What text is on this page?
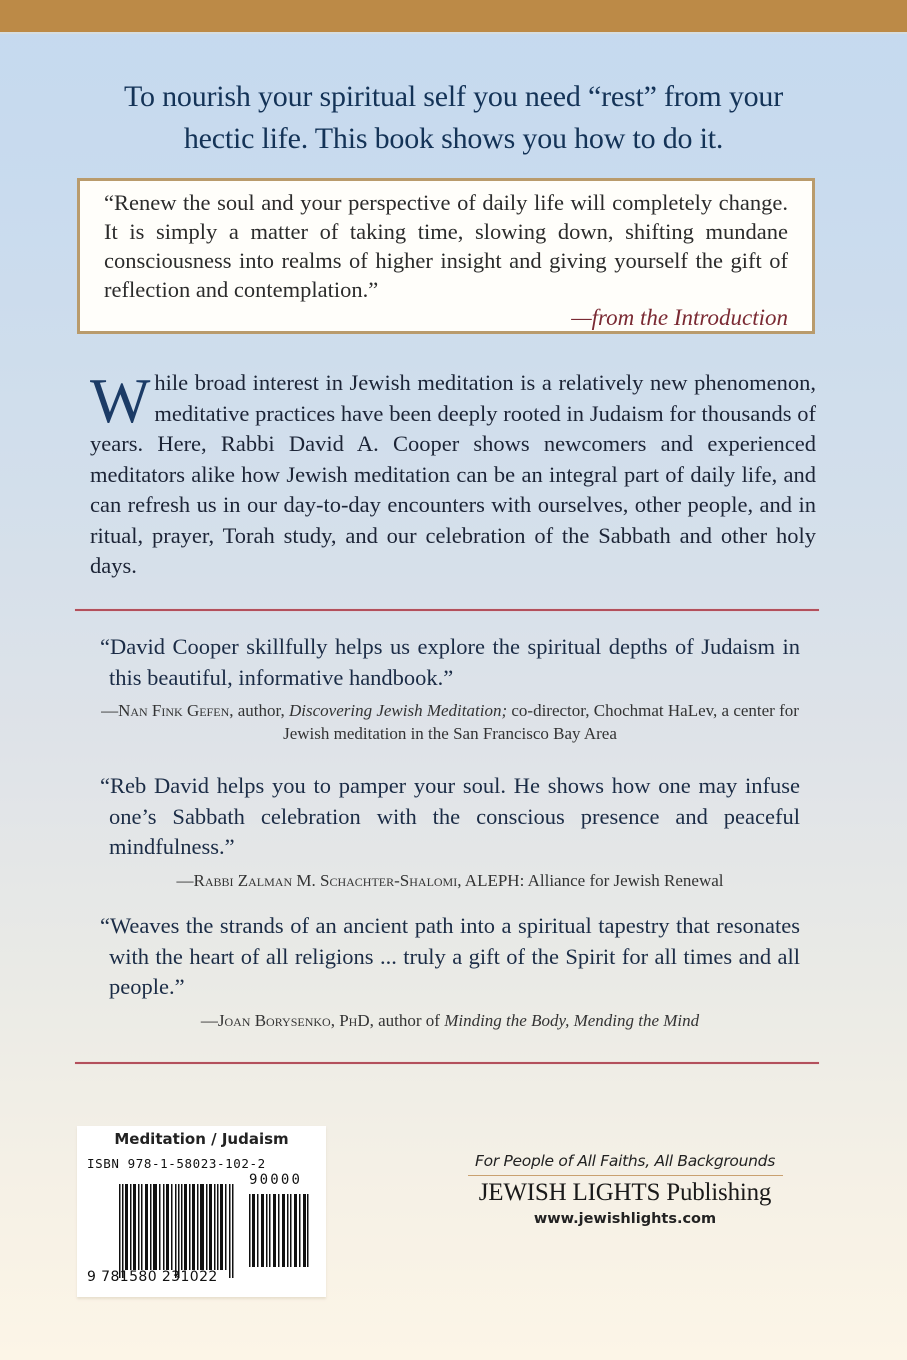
To nourish your spiritual self you need “rest” from your
hectic life. This book shows you how to do it.

“Renew the soul and your perspective of daily life will completely change. It is simply a matter of taking time, slowing down, shifting mundane consciousness into realms of higher insight and giving yourself the gift of reflection and contemplation.”

—from the Introduction
While broad interest in Jewish meditation is a relatively new phenomenon, meditative practices have been deeply rooted in Judaism for thousands of years. Here, Rabbi David A. Cooper shows newcomers and experienced meditators alike how Jewish meditation can be an integral part of daily life, and can refresh us in our day-to-day encounters with ourselves, other people, and in ritual, prayer, Torah study, and our celebration of the Sabbath and other holy days.

“David Cooper skillfully helps us explore the spiritual depths of Judaism in this beautiful, informative handbook.”

—Nan Fink Gefen, author, Discovering Jewish Meditation; co-director, Chochmat HaLev, a center for Jewish meditation in the San Francisco Bay Area

“Reb David helps you to pamper your soul. He shows how one may infuse one’s Sabbath celebration with the conscious presence and peaceful mindfulness.”

—Rabbi Zalman M. Schachter-Shalomi, ALEPH: Alliance for Jewish Renewal

“Weaves the strands of an ancient path into a spiritual tapestry that resonates with the heart of all religions ... truly a gift of the Spirit for all times and all people.”

—Joan Borysenko, PhD, author of Minding the Body, Mending the Mind
Meditation / Judaism
ISBN 978-1-58023-102-2
90000
9 781580 231022
For People of All Faiths, All Backgrounds
JEWISH LIGHTS Publishing
www.jewishlights.com
